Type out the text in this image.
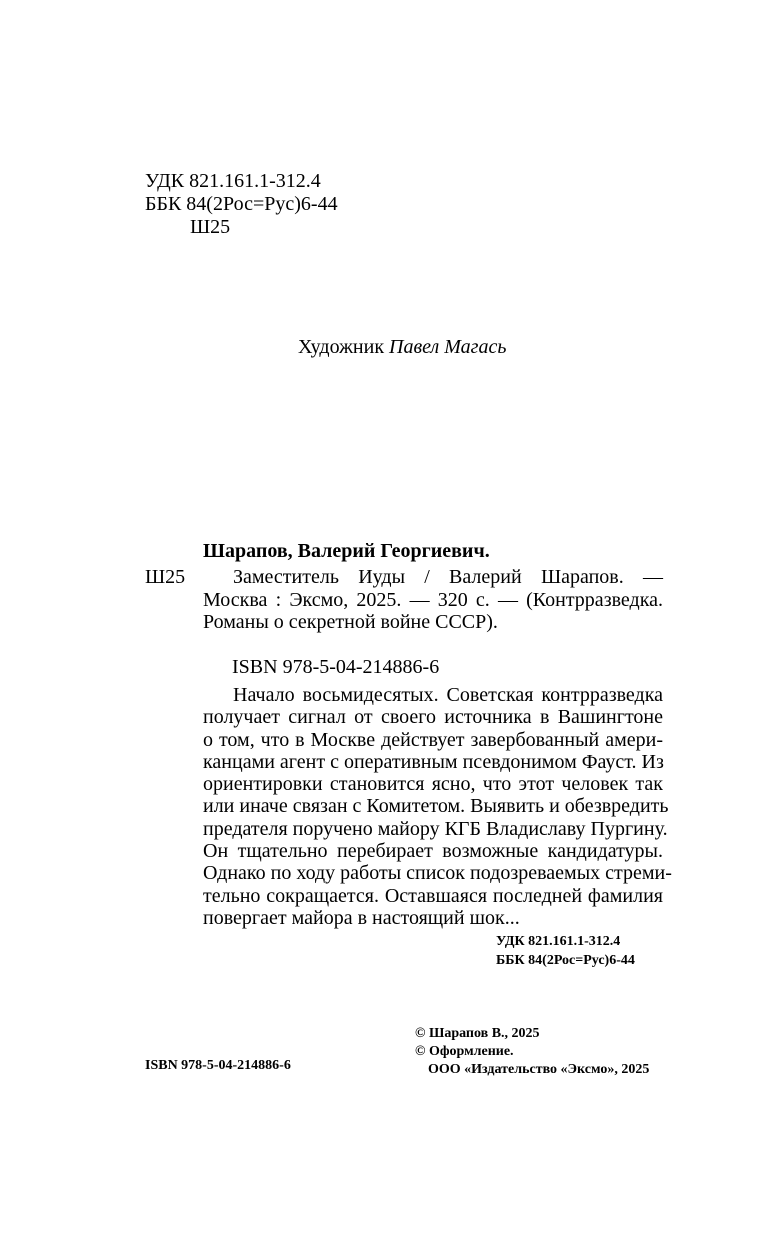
УДК 821.161.1-312.4
ББК 84(2Рос=Рус)6-44
Ш25
Художник Павел Магась
Шарапов, Валерий Георгиевич.
Ш25	Заместитель Иуды / Валерий Шарапов. —
Москва : Эксмо, 2025. — 320 с. — (Контрразведка.
Романы о секретной войне СССР).
ISBN 978-5-04-214886-6
Начало восьмидесятых. Советская контрразведка
получает сигнал от своего источника в Вашингтоне
о том, что в Москве действует завербованный амери-
канцами агент с оперативным псевдонимом Фауст. Из
ориентировки становится ясно, что этот человек так
или иначе связан с Комитетом. Выявить и обезвредить
предателя поручено майору КГБ Владиславу Пургину.
Он тщательно перебирает возможные кандидатуры.
Однако по ходу работы список подозреваемых стреми-
тельно сокращается. Оставшаяся последней фамилия
повергает майора в настоящий шок...
УДК 821.161.1-312.4
ББК 84(2Рос=Рус)6-44
© Шарапов В., 2025
© Оформление.
ООО «Издательство «Эксмо», 2025
ISBN 978-5-04-214886-6
